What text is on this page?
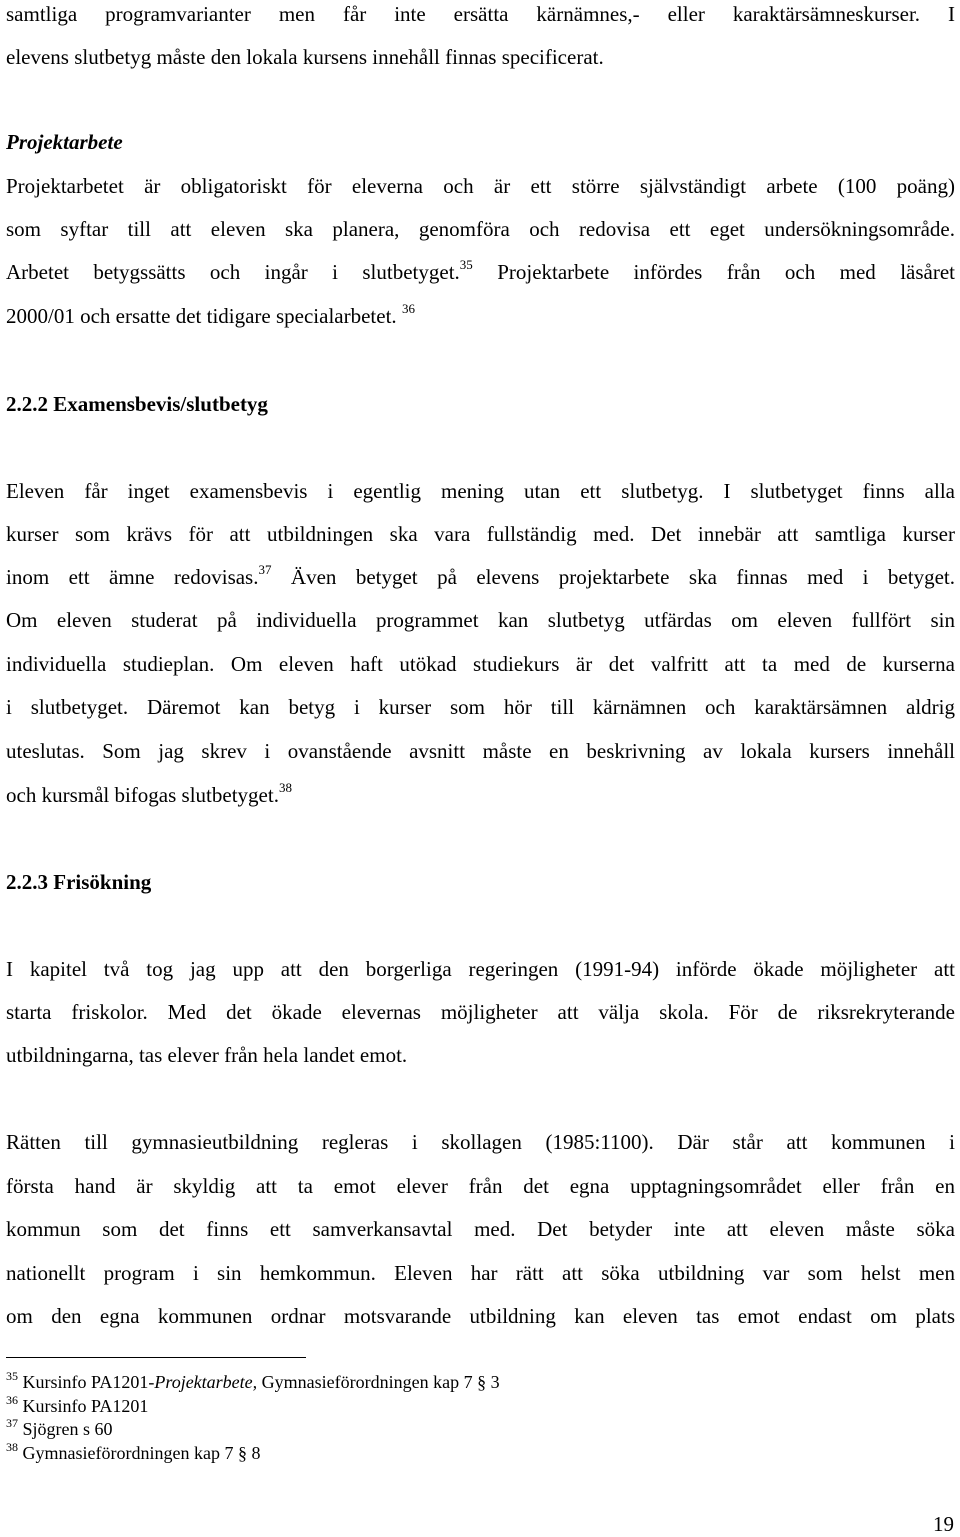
samtliga programvarianter men får inte ersätta kärnämnes,- eller karaktärsämneskurser. I
elevens slutbetyg måste den lokala kursens innehåll finnas specificerat.
Projektarbete
Projektarbetet är obligatoriskt för eleverna och är ett större självständigt arbete (100 poäng)
som syftar till att eleven ska planera, genomföra och redovisa ett eget undersökningsområde.
Arbetet betygssätts och ingår i slutbetyget.$^{35}$ Projektarbete infördes från och med läsåret
2000/01 och ersatte det tidigare specialarbetet. $^{36}$
2.2.2 Examensbevis/slutbetyg
Eleven får inget examensbevis i egentlig mening utan ett slutbetyg. I slutbetyget finns alla
kurser som krävs för att utbildningen ska vara fullständig med. Det innebär att samtliga kurser
inom ett ämne redovisas.$^{37}$ Även betyget på elevens projektarbete ska finnas med i betyget.
Om eleven studerat på individuella programmet kan slutbetyg utfärdas om eleven fullfört sin
individuella studieplan. Om eleven haft utökad studiekurs är det valfritt att ta med de kurserna
i slutbetyget. Däremot kan betyg i kurser som hör till kärnämnen och karaktärsämnen aldrig
uteslutas. Som jag skrev i ovanstående avsnitt måste en beskrivning av lokala kursers innehåll
och kursmål bifogas slutbetyget.$^{38}$
2.2.3 Frisökning
I kapitel två tog jag upp att den borgerliga regeringen (1991-94) införde ökade möjligheter att
starta friskolor. Med det ökade elevernas möjligheter att välja skola. För de riksrekryterande
utbildningarna, tas elever från hela landet emot.
Rätten till gymnasieutbildning regleras i skollagen (1985:1100). Där står att kommunen i
första hand är skyldig att ta emot elever från det egna upptagningsområdet eller från en
kommun som det finns ett samverkansavtal med. Det betyder inte att eleven måste söka
nationellt program i sin hemkommun. Eleven har rätt att söka utbildning var som helst men
om den egna kommunen ordnar motsvarande utbildning kan eleven tas emot endast om plats
$^{35}$ Kursinfo PA1201-Projektarbete, Gymnasieförordningen kap 7 § 3
$^{36}$ Kursinfo PA1201
$^{37}$ Sjögren s 60
$^{38}$ Gymnasieförordningen kap 7 § 8
19
